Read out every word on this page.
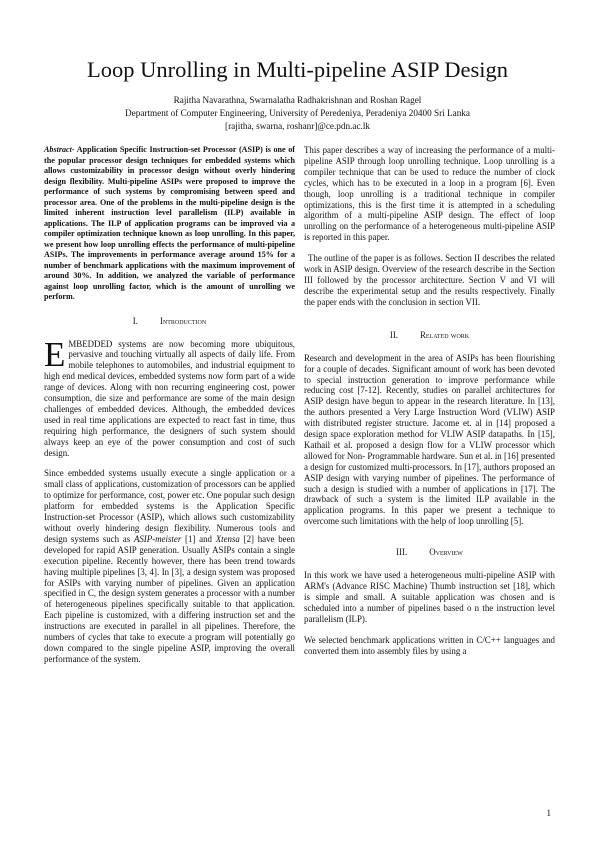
Loop Unrolling in Multi-pipeline ASIP Design
Rajitha Navarathna, Swarnalatha Radhakrishnan and Roshan Ragel
Department of Computer Engineering, University of Peredeniya, Peradeniya 20400 Sri Lanka
[rajitha, swarna, roshanr]@ce.pdn.ac.lk

Abstract- Application Specific Instruction-set Processor (ASIP) is one of the popular processor design techniques for embedded systems which allows customizability in processor design without overly hindering design flexibility. Multi-pipeline ASIPs were proposed to improve the performance of such systems by compromising between speed and processor area. One of the problems in the multi-pipeline design is the limited inherent instruction level parallelism (ILP) available in applications. The ILP of application programs can be improved via a compiler optimization technique known as loop unrolling. In this paper, we present how loop unrolling effects the performance of multi-pipeline ASIPs. The improvements in performance average around 15% for a number of benchmark applications with the maximum improvement of around 30%. In addition, we analyzed the variable of performance against loop unrolling factor, which is the amount of unrolling we perform.

I. Introduction

EMBEDDED systems are now becoming more ubiquitous, pervasive and touching virtually all aspects of daily life. From mobile telephones to automobiles, and industrial equipment to high end medical devices, embedded systems now form part of a wide range of devices. Along with non recurring engineering cost, power consumption, die size and performance are some of the main design challenges of embedded devices. Although, the embedded devices used in real time applications are expected to react fast in time, thus requiring high performance, the designers of such system should always keep an eye of the power consumption and cost of such design.

Since embedded systems usually execute a single application or a small class of applications, customization of processors can be applied to optimize for performance, cost, power etc. One popular such design platform for embedded systems is the Application Specific Instruction-set Processor (ASIP), which allows such customizability without overly hindering design flexibility. Numerous tools and design systems such as ASIP-meister [1] and Xtensa [2] have been developed for rapid ASIP generation. Usually ASIPs contain a single execution pipeline. Recently however, there has been trend towards having multiple pipelines [3, 4]. In [3], a design system was proposed for ASIPs with varying number of pipelines. Given an application specified in C, the design system generates a processor with a number of heterogeneous pipelines specifically suitable to that application. Each pipeline is customized, with a differing instruction set and the instructions are executed in parallel in all pipelines. Therefore, the numbers of cycles that take to execute a program will potentially go down compared to the single pipeline ASIP, improving the overall performance of the system.

This paper describes a way of increasing the performance of a multi-pipeline ASIP through loop unrolling technique. Loop unrolling is a compiler technique that can be used to reduce the number of clock cycles, which has to be executed in a loop in a program [6]. Even though, loop unrolling is a traditional technique in compiler optimizations, this is the first time it is attempted in a scheduling algorithm of a multi-pipeline ASIP design. The effect of loop unrolling on the performance of a heterogeneous multi-pipeline ASIP is reported in this paper.

The outline of the paper is as follows. Section II describes the related work in ASIP design. Overview of the research describe in the Section III followed by the processor architecture. Section V and VI will describe the experimental setup and the results respectively. Finally the paper ends with the conclusion in section VII.

II. Related work

Research and development in the area of ASIPs has been flourishing for a couple of decades. Significant amount of work has been devoted to special instruction generation to improve performance while reducing cost [7-12]. Recently, studies on parallel architectures for ASIP design have begun to appear in the research literature. In [13], the authors presented a Very Large Instruction Word (VLIW) ASIP with distributed register structure. Jacome et. al in [14] proposed a design space exploration method for VLIW ASIP datapaths. In [15], Kathail et al. proposed a design flow for a VLIW processor which allowed for Non- Programmable hardware. Sun et al. in [16] presented a design for customized multi-processors. In [17], authors proposed an ASIP design with varying number of pipelines. The performance of such a design is studied with a number of applications in [17]. The drawback of such a system is the limited ILP available in the application programs. In this paper we present a technique to overcome such limitations with the help of loop unrolling [5].

III. Overview

In this work we have used a heterogeneous multi-pipeline ASIP with ARM's (Advance RISC Machine) Thumb instruction set [18], which is simple and small. A suitable application was chosen and is scheduled into a number of pipelines based o n the instruction level parallelism (ILP).

We selected benchmark applications written in C/C++ languages and converted them into assembly files by using a

1
